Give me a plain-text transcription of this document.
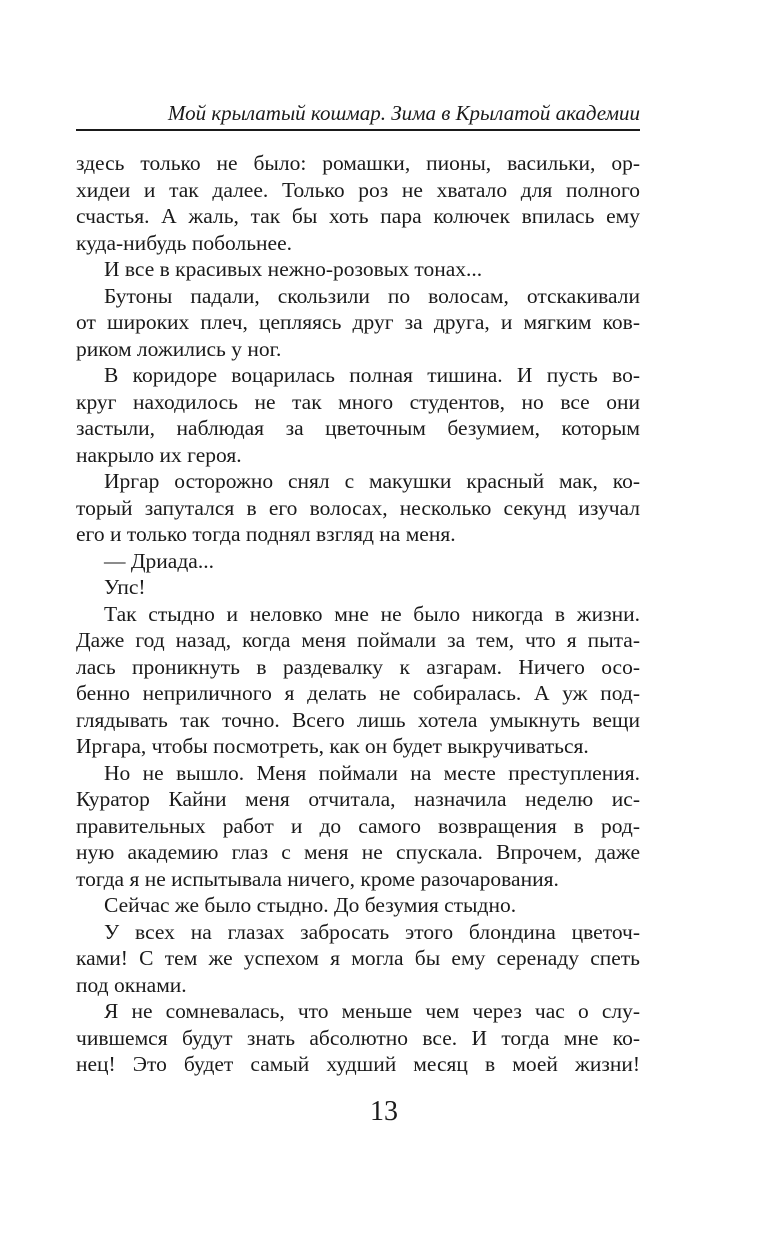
Мой крылатый кошмар. Зима в Крылатой академии
здесь только не было: ромашки, пионы, васильки, ор-
хидеи и так далее. Только роз не хватало для полного
счастья. А жаль, так бы хоть пара колючек впилась ему
куда-нибудь побольнее.
И все в красивых нежно-розовых тонах...
Бутоны падали, скользили по волосам, отскакивали
от широких плеч, цепляясь друг за друга, и мягким ков-
риком ложились у ног.
В коридоре воцарилась полная тишина. И пусть во-
круг находилось не так много студентов, но все они
застыли, наблюдая за цветочным безумием, которым
накрыло их героя.
Иргар осторожно снял с макушки красный мак, ко-
торый запутался в его волосах, несколько секунд изучал
его и только тогда поднял взгляд на меня.
— Дриада...
Упс!
Так стыдно и неловко мне не было никогда в жизни.
Даже год назад, когда меня поймали за тем, что я пыта-
лась проникнуть в раздевалку к азгарам. Ничего осо-
бенно неприличного я делать не собиралась. А уж под-
глядывать так точно. Всего лишь хотела умыкнуть вещи
Иргара, чтобы посмотреть, как он будет выкручиваться.
Но не вышло. Меня поймали на месте преступления.
Куратор Кайни меня отчитала, назначила неделю ис-
правительных работ и до самого возвращения в род-
ную академию глаз с меня не спускала. Впрочем, даже
тогда я не испытывала ничего, кроме разочарования.
Сейчас же было стыдно. До безумия стыдно.
У всех на глазах забросать этого блондина цветоч-
ками! С тем же успехом я могла бы ему серенаду спеть
под окнами.
Я не сомневалась, что меньше чем через час о слу-
чившемся будут знать абсолютно все. И тогда мне ко-
нец! Это будет самый худший месяц в моей жизни!
13
